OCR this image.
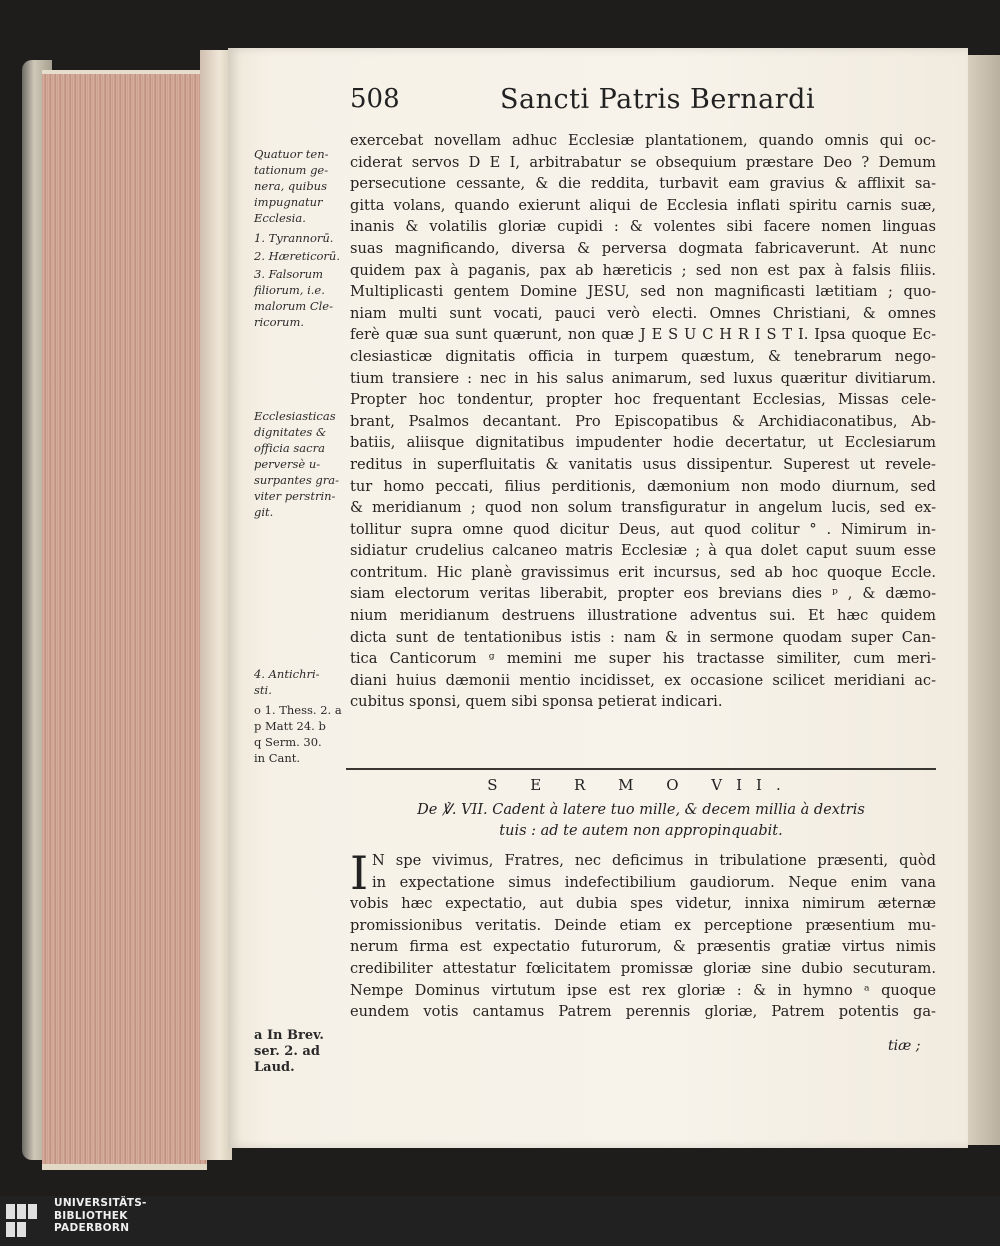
508	Sancti Patris Bernardi
Quatuor ten-
tationum ge-
nera, quibus
impugnatur
Ecclesia.
1. Tyrannorū.
2. Hæreticorū.
3. Falsorum
filiorum, i.e.
malorum Cle-
ricorum.
Ecclesiasticas
dignitates &
officia sacra
perversè u-
surpantes gra-
viter perstrin-
git.
4. Antichri-
sti.
o 1. Thess. 2. a
p Matt 24. b
q Serm. 30.
in Cant.
a In Brev.
ser. 2. ad
Laud.
exercebat novellam adhuc Ecclesiæ plantationem, quando omnis qui oc-
ciderat servos D E I, arbitrabatur se obsequium præstare Deo ? Demum
persecutione cessante, & die reddita, turbavit eam gravius & afflixit sa-
gitta volans, quando exierunt aliqui de Ecclesia inflati spiritu carnis suæ,
inanis & volatilis gloriæ cupidi : & volentes sibi facere nomen linguas
suas magnificando, diversa & perversa dogmata fabricaverunt. At nunc
quidem pax à paganis, pax ab hæreticis ; sed non est pax à falsis filiis.
Multiplicasti gentem Domine JESU, sed non magnificasti lætitiam ; quo-
niam multi sunt vocati, pauci verò electi. Omnes Christiani, & omnes
ferè quæ sua sunt quærunt, non quæ J E S U C H R I S T I. Ipsa quoque Ec-
clesiasticæ dignitatis officia in turpem quæstum, & tenebrarum nego-
tium transiere : nec in his salus animarum, sed luxus quæritur divitiarum.
Propter hoc tondentur, propter hoc frequentant Ecclesias, Missas cele-
brant, Psalmos decantant. Pro Episcopatibus & Archidiaconatibus, Ab-
batiis, aliisque dignitatibus impudenter hodie decertatur, ut Ecclesiarum
reditus in superfluitatis & vanitatis usus dissipentur. Superest ut revele-
tur homo peccati, filius perditionis, dæmonium non modo diurnum, sed
& meridianum ; quod non solum transfiguratur in angelum lucis, sed ex-
tollitur supra omne quod dicitur Deus, aut quod colitur ° . Nimirum in-
sidiatur crudelius calcaneo matris Ecclesiæ ; à qua dolet caput suum esse
contritum. Hic planè gravissimus erit incursus, sed ab hoc quoque Eccle.
siam electorum veritas liberabit, propter eos brevians dies ᵖ , & dæmo-
nium meridianum destruens illustratione adventus sui. Et hæc quidem
dicta sunt de tentationibus istis : nam & in sermone quodam super Can-
tica Canticorum ᵍ memini me super his tractasse similiter, cum meri-
diani huius dæmonii mentio incidisset, ex occasione scilicet meridiani ac-
cubitus sponsi, quem sibi sponsa petierat indicari.
S E R M O VII.
De ℣. VII. Cadent à latere tuo mille, & decem millia à dextris
tuis : ad te autem non appropinquabit.
I N spe vivimus, Fratres, nec deficimus in tribulatione præsenti, quòd
in expectatione simus indefectibilium gaudiorum. Neque enim vana
vobis hæc expectatio, aut dubia spes videtur, innixa nimirum æternæ
promissionibus veritatis. Deinde etiam ex perceptione præsentium mu-
nerum firma est expectatio futurorum, & præsentis gratiæ virtus nimis
credibiliter attestatur fœlicitatem promissæ gloriæ sine dubio secuturam.
Nempe Dominus virtutum ipse est rex gloriæ : & in hymno ᵃ quoque
eundem votis cantamus Patrem perennis gloriæ, Patrem potentis ga-
tiæ ;
UNIVERSITÄTS-
BIBLIOTHEK
PADERBORN
